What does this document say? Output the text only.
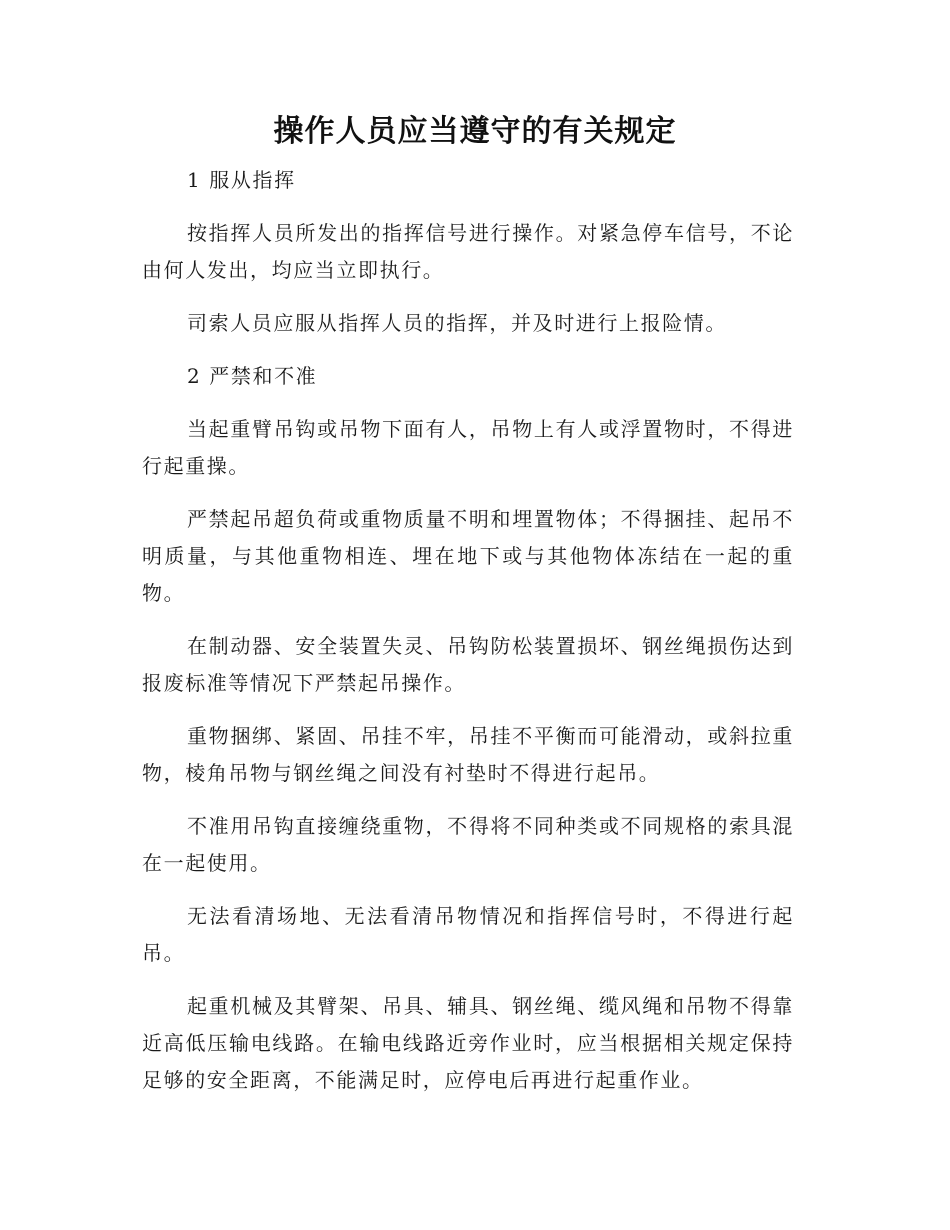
操作人员应当遵守的有关规定

1 服从指挥

按指挥人员所发出的指挥信号进行操作。对紧急停车信号，不论由何人发出，均应当立即执行。

司索人员应服从指挥人员的指挥，并及时进行上报险情。

2 严禁和不准

当起重臂吊钩或吊物下面有人，吊物上有人或浮置物时，不得进行起重操。

严禁起吊超负荷或重物质量不明和埋置物体；不得捆挂、起吊不明质量，与其他重物相连、埋在地下或与其他物体冻结在一起的重物。

在制动器、安全装置失灵、吊钩防松装置损坏、钢丝绳损伤达到报废标准等情况下严禁起吊操作。

重物捆绑、紧固、吊挂不牢，吊挂不平衡而可能滑动，或斜拉重物，棱角吊物与钢丝绳之间没有衬垫时不得进行起吊。

不准用吊钩直接缠绕重物，不得将不同种类或不同规格的索具混在一起使用。

无法看清场地、无法看清吊物情况和指挥信号时，不得进行起吊。

起重机械及其臂架、吊具、辅具、钢丝绳、缆风绳和吊物不得靠近高低压输电线路。在输电线路近旁作业时，应当根据相关规定保持足够的安全距离，不能满足时，应停电后再进行起重作业。
